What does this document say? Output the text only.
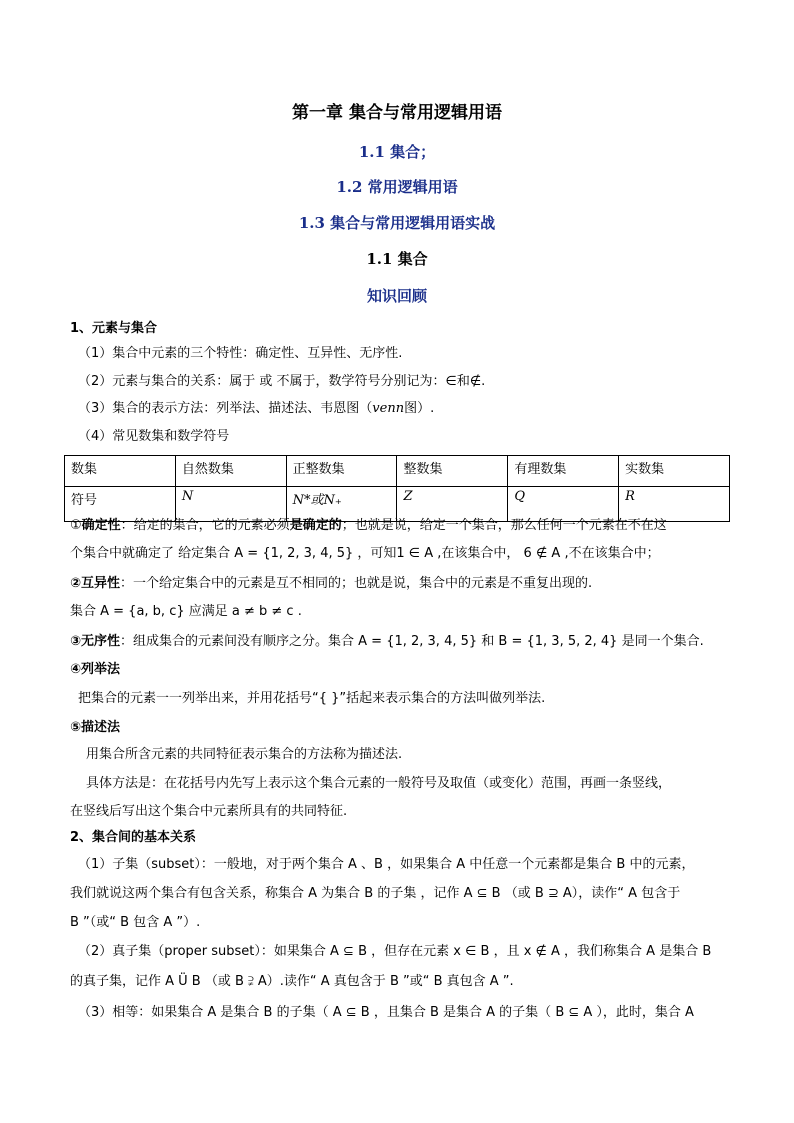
第一章 集合与常用逻辑用语
1.1 集合；
1.2 常用逻辑用语
1.3 集合与常用逻辑用语实战
1.1 集合
知识回顾
1、元素与集合
（1）集合中元素的三个特性：确定性、互异性、无序性.
（2）元素与集合的关系：属于 或 不属于，数学符号分别记为：∈和∉.
（3）集合的表示方法：列举法、描述法、韦恩图（venn图）.
（4）常见数集和数学符号
数集	自然数集	正整数集	整数集	有理数集	实数集
符号	N	N*或N₊	Z	Q	R
①确定性：给定的集合，它的元素必须是确定的；也就是说，给定一个集合，那么任何一个元素在不在这
个集合中就确定了 给定集合 A = {1, 2, 3, 4, 5} ，可知1 ∈ A ,在该集合中， 6 ∉ A ,不在该集合中；
②互异性：一个给定集合中的元素是互不相同的；也就是说，集合中的元素是不重复出现的.
集合 A = {a, b, c} 应满足 a ≠ b ≠ c .
③无序性：组成集合的元素间没有顺序之分。集合 A = {1, 2, 3, 4, 5} 和 B = {1, 3, 5, 2, 4} 是同一个集合.
④列举法
把集合的元素一一列举出来，并用花括号“{ }”括起来表示集合的方法叫做列举法.
⑤描述法
用集合所含元素的共同特征表示集合的方法称为描述法.
具体方法是：在花括号内先写上表示这个集合元素的一般符号及取值（或变化）范围，再画一条竖线，
在竖线后写出这个集合中元素所具有的共同特征.
2、集合间的基本关系
（1）子集（subset）：一般地，对于两个集合 A 、B ，如果集合 A 中任意一个元素都是集合 B 中的元素，
我们就说这两个集合有包含关系，称集合 A 为集合 B 的子集 ，记作 A ⊆ B （或 B ⊇ A），读作“ A 包含于
B ”（或“ B 包含 A ”）.
（2）真子集（proper subset）：如果集合 A ⊆ B ，但存在元素 x ∈ B ，且 x ∉ A ，我们称集合 A 是集合 B
的真子集，记作 A Ü B （或 B ⫌ A）.读作“ A 真包含于 B ”或“ B 真包含 A ”.
（3）相等：如果集合 A 是集合 B 的子集（ A ⊆ B ，且集合 B 是集合 A 的子集（ B ⊆ A ），此时，集合 A
